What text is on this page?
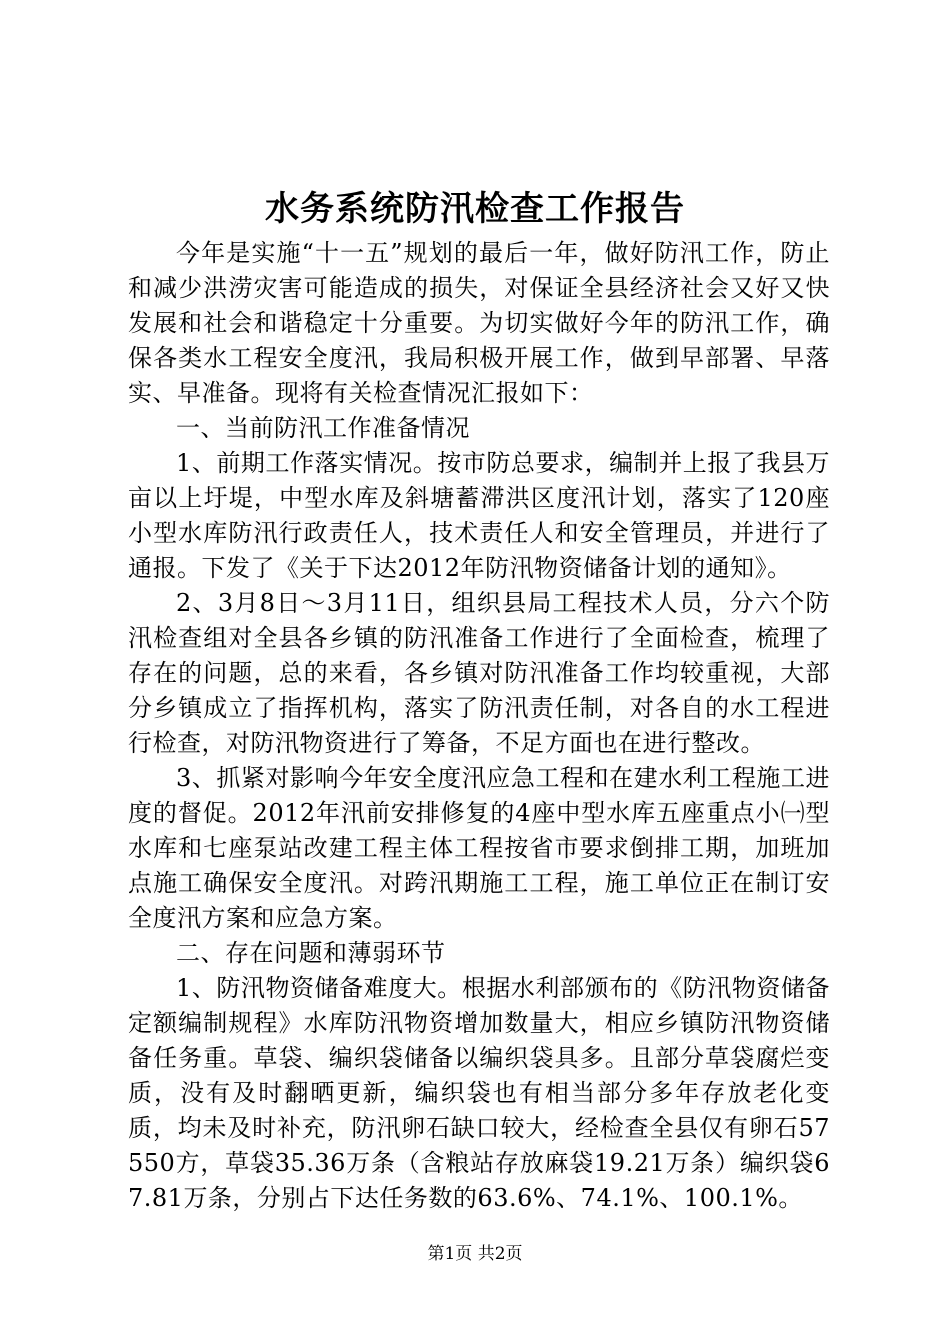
水务系统防汛检查工作报告

今年是实施“十一五”规划的最后一年，做好防汛工作，防止和减少洪涝灾害可能造成的损失，对保证全县经济社会又好又快发展和社会和谐稳定十分重要。为切实做好今年的防汛工作，确保各类水工程安全度汛，我局积极开展工作，做到早部署、早落实、早准备。现将有关检查情况汇报如下：

一、当前防汛工作准备情况

1、前期工作落实情况。按市防总要求，编制并上报了我县万亩以上圩堤，中型水库及斜塘蓄滞洪区度汛计划，落实了120座小型水库防汛行政责任人，技术责任人和安全管理员，并进行了通报。下发了《关于下达2012年防汛物资储备计划的通知》。

2、3月8日～3月11日，组织县局工程技术人员，分六个防汛检查组对全县各乡镇的防汛准备工作进行了全面检查，梳理了存在的问题，总的来看，各乡镇对防汛准备工作均较重视，大部分乡镇成立了指挥机构，落实了防汛责任制，对各自的水工程进行检查，对防汛物资进行了筹备，不足方面也在进行整改。

3、抓紧对影响今年安全度汛应急工程和在建水利工程施工进度的督促。2012年汛前安排修复的4座中型水库五座重点小㈠型水库和七座泵站改建工程主体工程按省市要求倒排工期，加班加点施工确保安全度汛。对跨汛期施工工程，施工单位正在制订安全度汛方案和应急方案。

二、存在问题和薄弱环节

1、防汛物资储备难度大。根据水利部颁布的《防汛物资储备定额编制规程》水库防汛物资增加数量大，相应乡镇防汛物资储备任务重。草袋、编织袋储备以编织袋具多。且部分草袋腐烂变质，没有及时翻晒更新，编织袋也有相当部分多年存放老化变质，均未及时补充，防汛卵石缺口较大，经检查全县仅有卵石57550方，草袋35.36万条（含粮站存放麻袋19.21万条）编织袋67.81万条，分别占下达任务数的63.6%、74.1%、100.1%。

第1页 共2页
